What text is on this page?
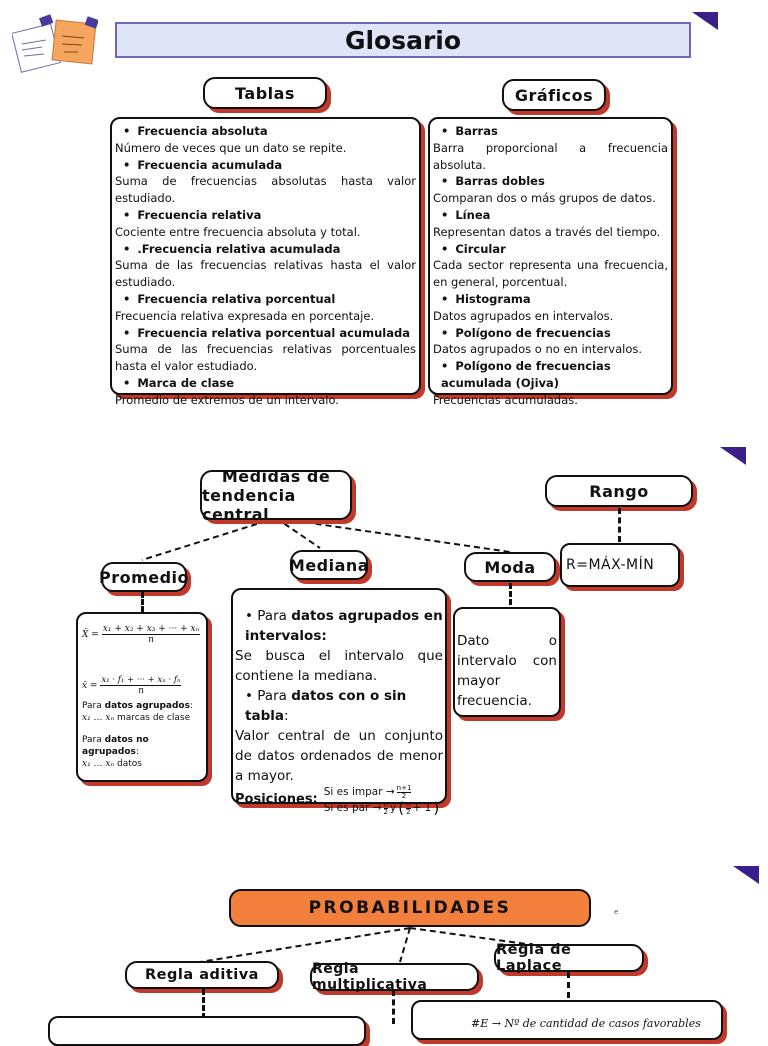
Glosario
Tablas
• Frecuencia absoluta
Número de veces que un dato se repite.
• Frecuencia acumulada
Suma de frecuencias absolutas hasta valor estudiado.
• Frecuencia relativa
Cociente entre frecuencia absoluta y total.
• .Frecuencia relativa acumulada
Suma de las frecuencias relativas hasta el valor estudiado.
• Frecuencia relativa porcentual
Frecuencia relativa expresada en porcentaje.
• Frecuencia relativa porcentual acumulada
Suma de las frecuencias relativas porcentuales hasta el valor estudiado.
• Marca de clase
Promedio de extremos de un intervalo.
Gráficos
• Barras
Barra proporcional a frecuencia absoluta.
• Barras dobles
Comparan dos o más grupos de datos.
• Línea
Representan datos a través del tiempo.
• Circular
Cada sector representa una frecuencia, en general, porcentual.
• Histograma
Datos agrupados en intervalos.
• Polígono de frecuencias
Datos agrupados o no en intervalos.
• Polígono de frecuencias acumulada (Ojiva)
Frecuencias acumuladas.
Medidas de
tendencia central
Rango
R=MÁX-MÍN
Promedio
X̄ = $\frac{\text{x₁ + x₂ + x₃ + ··· + xₙ}}{n}$
x̄ = $\frac{\text{x₁ · f₁ + ··· + xₙ · fₙ}}{n}$
Para datos agrupados:
x₁ … xₙ marcas de clase
Para datos no agrupados:
x₁ … xₙ datos
Mediana
• Para datos agrupados en intervalos:
Se busca el intervalo que contiene la mediana.
• Para datos con o sin tabla:
Valor central de un conjunto de datos ordenados de menor a mayor.
Posiciones: Si es impar → n+1
2
Si es par → n
2 y ( n
2 + 1 )
Moda
Dato o intervalo con mayor frecuencia.
PROBABILIDADES	e
Regla aditiva	Regla multiplicativa
Regla de Laplace
#E → Nº de cantidad de casos favorables
